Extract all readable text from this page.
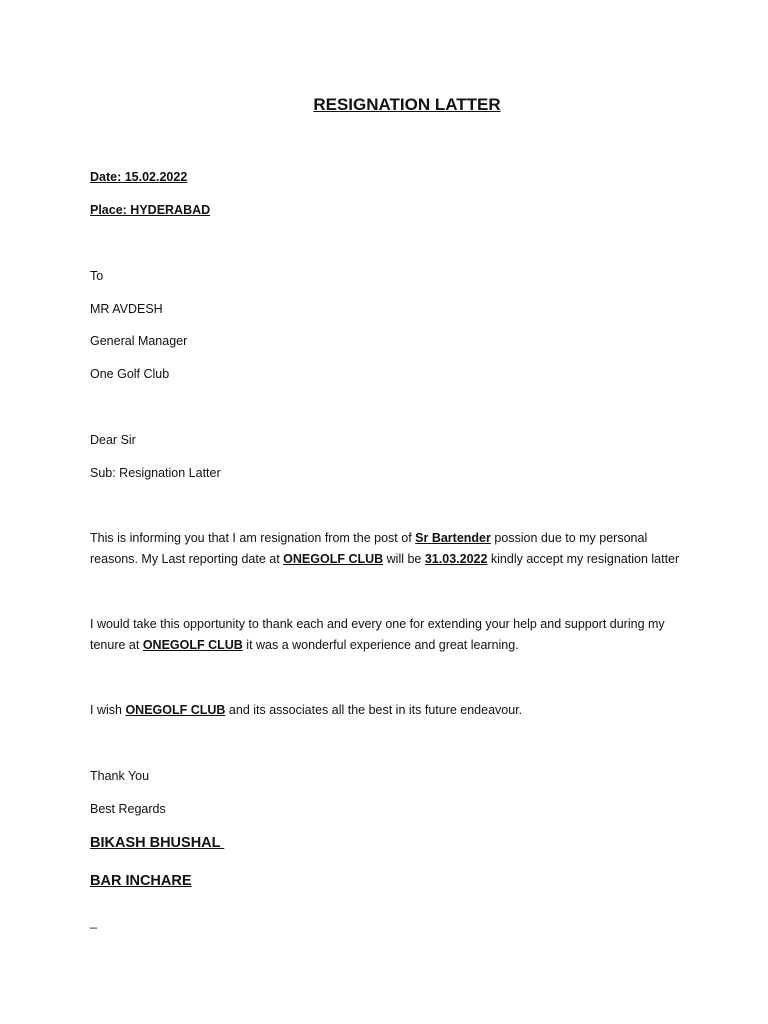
RESIGNATION LATTER
Date: 15.02.2022
Place: HYDERABAD
To
MR AVDESH
General Manager
One Golf Club
Dear Sir
Sub: Resignation Latter
This is informing you that I am resignation from the post of Sr Bartender possion due to my personal reasons. My Last reporting date at ONEGOLF CLUB will be 31.03.2022 kindly accept my resignation latter
I would take this opportunity to thank each and every one for extending your help and support during my tenure at ONEGOLF CLUB it was a wonderful experience and great learning.
I wish ONEGOLF CLUB and its associates all the best in its future endeavour.
Thank You
Best Regards
BIKASH BHUSHAL
BAR INCHARE
_
